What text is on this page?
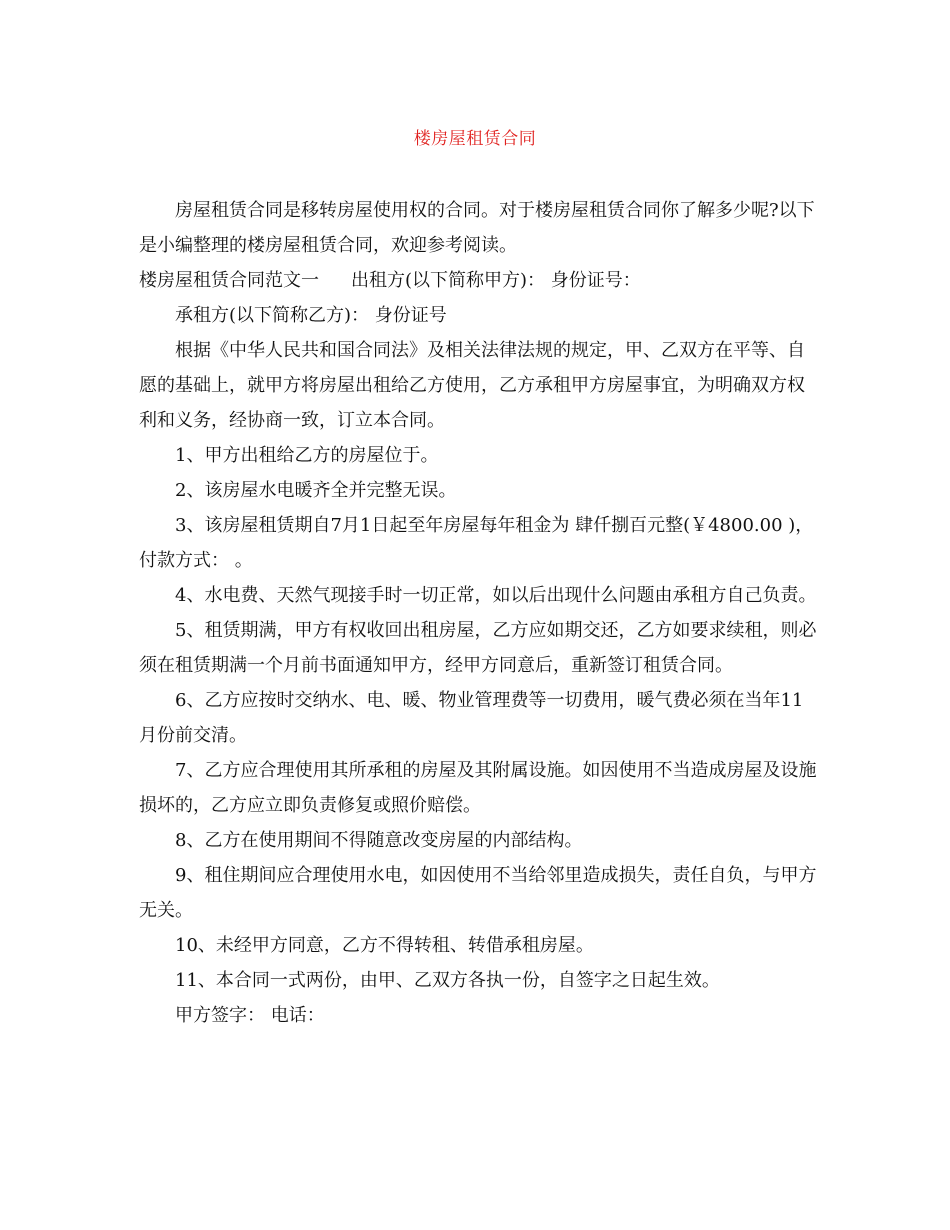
楼房屋租赁合同

房屋租赁合同是移转房屋使用权的合同。对于楼房屋租赁合同你了解多少呢?以下是小编整理的楼房屋租赁合同，欢迎参考阅读。

楼房屋租赁合同范文一 出租方(以下简称甲方)： 身份证号：

承租方(以下简称乙方)： 身份证号

根据《中华人民共和国合同法》及相关法律法规的规定，甲、乙双方在平等、自愿的基础上，就甲方将房屋出租给乙方使用，乙方承租甲方房屋事宜，为明确双方权利和义务，经协商一致，订立本合同。

1、甲方出租给乙方的房屋位于。

2、该房屋水电暖齐全并完整无误。

3、该房屋租赁期自7月1日起至年房屋每年租金为 肆仟捌百元整(￥4800.00 )，付款方式： 。

4、水电费、天然气现接手时一切正常，如以后出现什么问题由承租方自己负责。

5、租赁期满，甲方有权收回出租房屋，乙方应如期交还，乙方如要求续租，则必须在租赁期满一个月前书面通知甲方，经甲方同意后，重新签订租赁合同。

6、乙方应按时交纳水、电、暖、物业管理费等一切费用，暖气费必须在当年11月份前交清。

7、乙方应合理使用其所承租的房屋及其附属设施。如因使用不当造成房屋及设施损坏的，乙方应立即负责修复或照价赔偿。

8、乙方在使用期间不得随意改变房屋的内部结构。

9、租住期间应合理使用水电，如因使用不当给邻里造成损失，责任自负，与甲方无关。

10、未经甲方同意，乙方不得转租、转借承租房屋。

11、本合同一式两份，由甲、乙双方各执一份，自签字之日起生效。

甲方签字： 电话：
